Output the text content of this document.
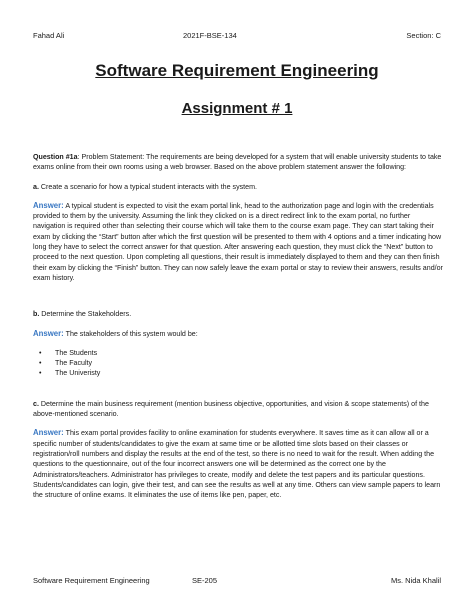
Fahad Ali	2021F-BSE-134	Section: C
Software Requirement Engineering
Assignment # 1

Question #1a: Problem Statement: The requirements are being developed for a system that will enable university students to take exams online from their own rooms using a web browser. Based on the above problem statement answer the following:

a. Create a scenario for how a typical student interacts with the system.

Answer: A typical student is expected to visit the exam portal link, head to the authorization page and login with the credentials provided to them by the university. Assuming the link they clicked on is a direct redirect link to the exam portal, no further navigation is required other than selecting their course which will take them to the course exam page. They can start taking their exam by clicking the “Start” button after which the first question will be presented to them with 4 options and a timer indicating how long they have to select the correct answer for that question. After answering each question, they must click the “Next” button to proceed to the next question. Upon completing all questions, their result is immediately displayed to them and they can then finish their exam by clicking the “Finish” button. They can now safely leave the exam portal or stay to review their answers, results and/or exam history.

b. Determine the Stakeholders.

Answer: The stakeholders of this system would be:

• The Students
• The Faculty
• The Univeristy

c. Determine the main business requirement (mention business objective, opportunities, and vision & scope statements) of the above-mentioned scenario.

Answer: This exam portal provides facility to online examination for students everywhere. It saves time as it can allow all or a specific number of students/candidates to give the exam at same time or be allotted time slots based on their classes or registration/roll numbers and display the results at the end of the test, so there is no need to wait for the result. When adding the questions to the questionnaire, out of the four incorrect answers one will be determined as the correct one by the Administrators/teachers. Administrator has privileges to create, modify and delete the test papers and its particular questions. Students/candidates can login, give their test, and can see the results as well at any time. Others can view sample papers to learn the structure of online exams. It eliminates the use of items like pen, paper, etc.

Software Requirement Engineering	SE-205	Ms. Nida Khalil
